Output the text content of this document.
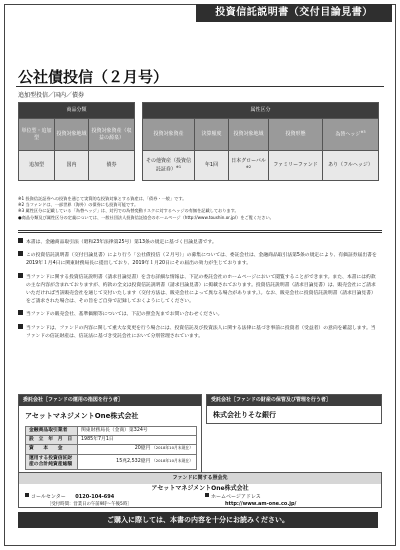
投資信託説明書（交付目論見書）
公社債投信（２月号）
追加型投信／国内／債券
商品分類				属性区分				
単位型・追加型	投資対象地域	投資対象資産（収益の源泉）		投資対象資産	決算頻度	投資対象地域	投資形態	為替ヘッジ$^{※3}$
追加型	国内	債券		その他資産（投資信託証券）$^{※1}$	年1回	日本グローバル$^{※2}$	ファミリーファンド	あり（フルヘッジ）
※1 投資信託証券への投資を通じて実質的な投資対象とする資産は、「債券・一般」です。
※2 当ファンドは、一部世界（海外）の債券にも投資可能です。
※3 属性区分に記載している「為替ヘッジ」は、対円での為替変動リスクに対するヘッジの有無を記載しております。
●商品分類及び属性区分の定義については、一般社団法人投資信託協会のホームページ（http://www.toushin.or.jp/）をご覧ください。
本書は、金融商品取引法（昭和23年法律第25号）第13条の規定に基づく目論見書です。
この投資信託説明書（交付目論見書）により行う「公社債投信（２月号）」の募集については、委託会社は、金融商品取引法第5条の規定により、有価証券届出書を2019年１月4日に関東財務局長に提出しており、2019年１月20日にその届出の効力が生じております。
当ファンドに関する投資信託説明書（請求目論見書）を含む詳細な情報は、下記の委託会社のホームページにおいて閲覧することができます。また、本書には約款の主な内容が含まれておりますが、約款の全文は投資信託説明書（請求目論見書）に掲載されております。投資信託説明書（請求目論見書）は、販売会社にご請求いただければ当該販売会社を通じて交付いたします（交付方法は、販売会社によって異なる場合があります。）。なお、販売会社に投資信託説明書（請求目論見書）をご請求された場合は、その旨をご自身で記録しておくようにしてください。
当ファンドの販売会社、基準価額等については、下記の照会先までお問い合わせください。
当ファンドは、ファンドの内容に関して重大な変更を行う場合には、投資信託及び投資法人に関する法律に基づき事前に投資者（受益者）の意向を確認します。当ファンドの信託財産は、信託法に基づき受託会社において分別管理されています。
委託会社［ファンドの運用の指図を行う者］
アセットマネジメントOne株式会社
金融商品取引業者	関東財務局長（金商）第324号
設　立　年　月　日	1985年7月1日
資　　本　　金	20億円 （2018年10月末現在）
運用する投資信託財産の合計純資産総額	15兆2,532億円 （2018年10月末現在）
受託会社［ファンドの財産の保管及び管理を行う者］
株式会社りそな銀行
ファンドに関する照会先
アセットマネジメントOne株式会社
コールセンター 0120-104-694
［受付時間：営業日の午前9時～午後5時］
ホームページアドレス
http://www.am-one.co.jp/
ご購入に際しては、本書の内容を十分にお読みください。
